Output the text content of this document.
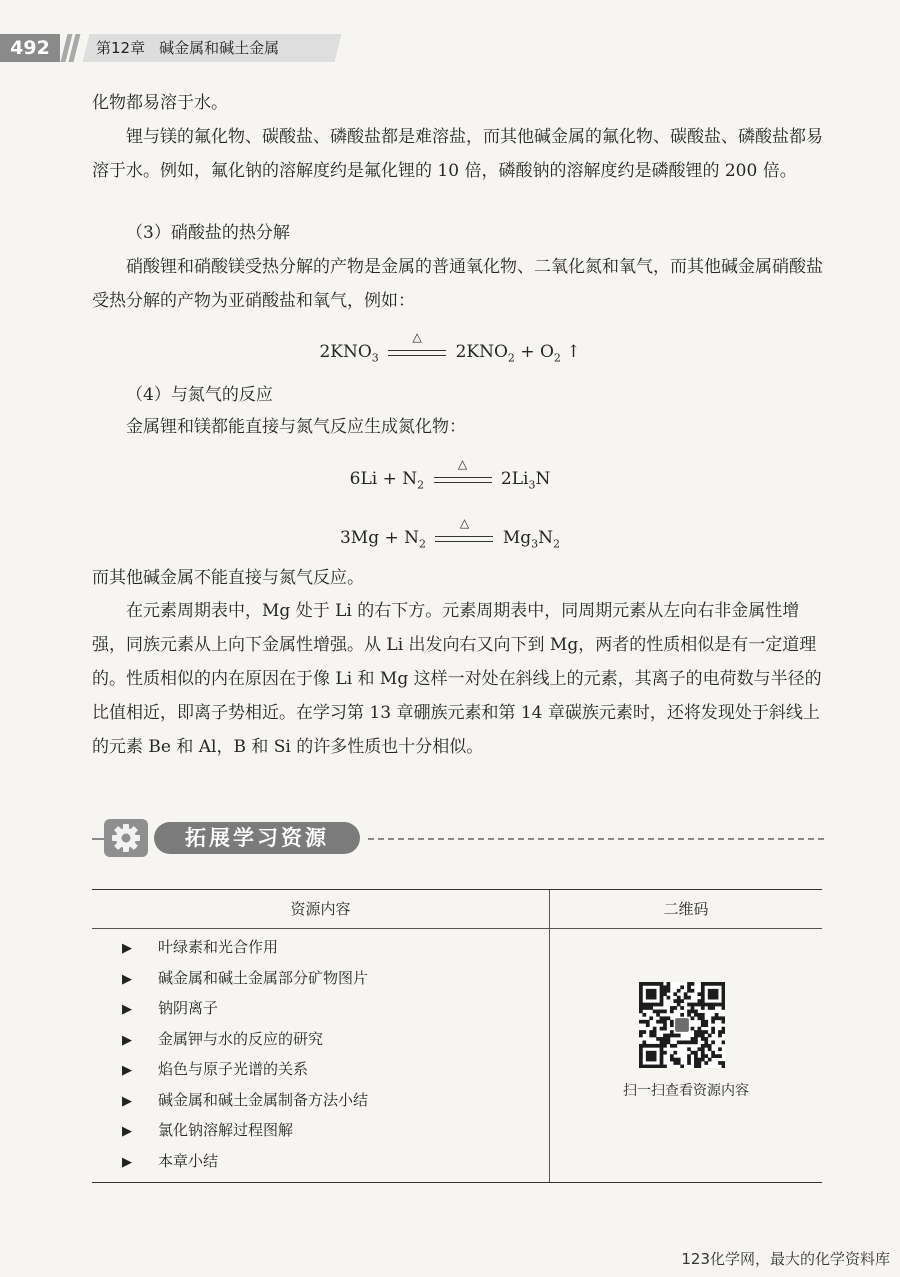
492	第12章 碱金属和碱土金属

化物都易溶于水。

锂与镁的氟化物、碳酸盐、磷酸盐都是难溶盐，而其他碱金属的氟化物、碳酸盐、磷酸盐都易溶于水。例如，氟化钠的溶解度约是氟化锂的 10 倍，磷酸钠的溶解度约是磷酸锂的 200 倍。

（3）硝酸盐的热分解

硝酸锂和硝酸镁受热分解的产物是金属的普通氧化物、二氧化氮和氧气，而其他碱金属硝酸盐受热分解的产物为亚硝酸盐和氧气，例如：

$2KNO_3$
△
$2KNO_2 + O_2$ ↑

（4）与氮气的反应

金属锂和镁都能直接与氮气反应生成氮化物：

$6Li + N_2$
△
$2Li_3N$
$3Mg + N_2$
△
$Mg_3N_2$

而其他碱金属不能直接与氮气反应。

在元素周期表中，Mg 处于 Li 的右下方。元素周期表中，同周期元素从左向右非金属性增强，同族元素从上向下金属性增强。从 Li 出发向右又向下到 Mg，两者的性质相似是有一定道理的。性质相似的内在原因在于像 Li 和 Mg 这样一对处在斜线上的元素，其离子的电荷数与半径的比值相近，即离子势相近。在学习第 13 章硼族元素和第 14 章碳族元素时，还将发现处于斜线上的元素 Be 和 Al，B 和 Si 的许多性质也十分相似。

拓展学习资源
资源内容	二维码
▶ 叶绿素和光合作用
▶ 碱金属和碱土金属部分矿物图片
▶ 钠阴离子
▶ 金属钾与水的反应的研究
▶ 焰色与原子光谱的关系
▶ 碱金属和碱土金属制备方法小结
▶ 氯化钠溶解过程图解
▶ 本章小结
扫一扫查看资源内容
123化学网，最大的化学资料库
